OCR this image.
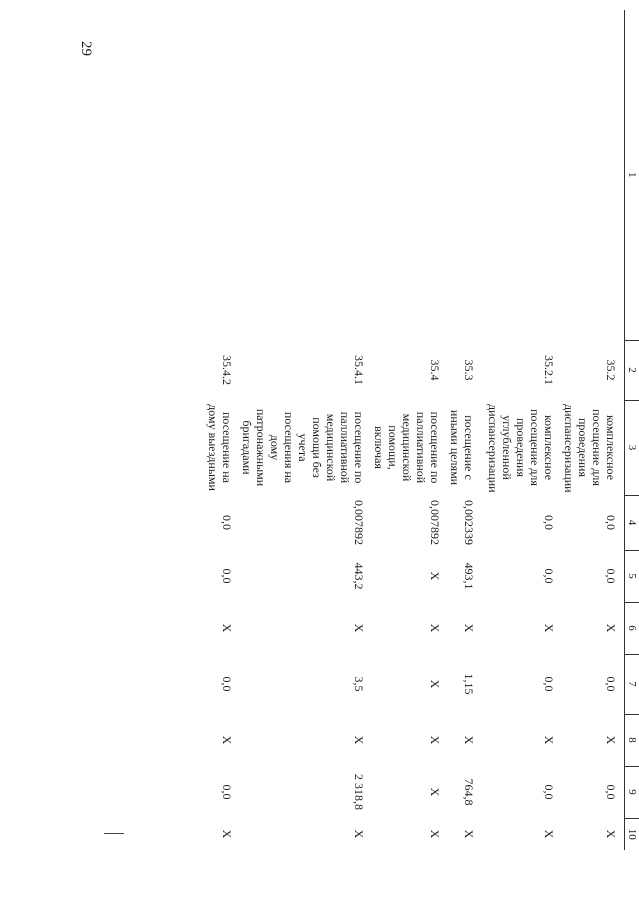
29
1	2	3	4	5	6	7	8	9	10
	35.2	комплексное посещение для проведения диспансеризации	0,0	0,0	X	0,0	X	0,0	X
	35.2.1	комплексное посещение для проведения углубленной диспансеризации	0,0	0,0	X	0,0	X	0,0	X
	35.3	посещение с иными целями	0,002339	493,1	X	1,15	X	764,8	X
	35.4	посещение по паллиативной медицинской помощи, включая	0,007892	X	X	X	X	X	X
	35.4.1	посещение по паллиативной медицинской помощи без учета посещения на дому патронажными бригадами	0,007892	443,2	X	3,5	X	2 318,8	X
	35.4.2	посещение на дому выездными	0,0	0,0	X	0,0	X	0,0	X
